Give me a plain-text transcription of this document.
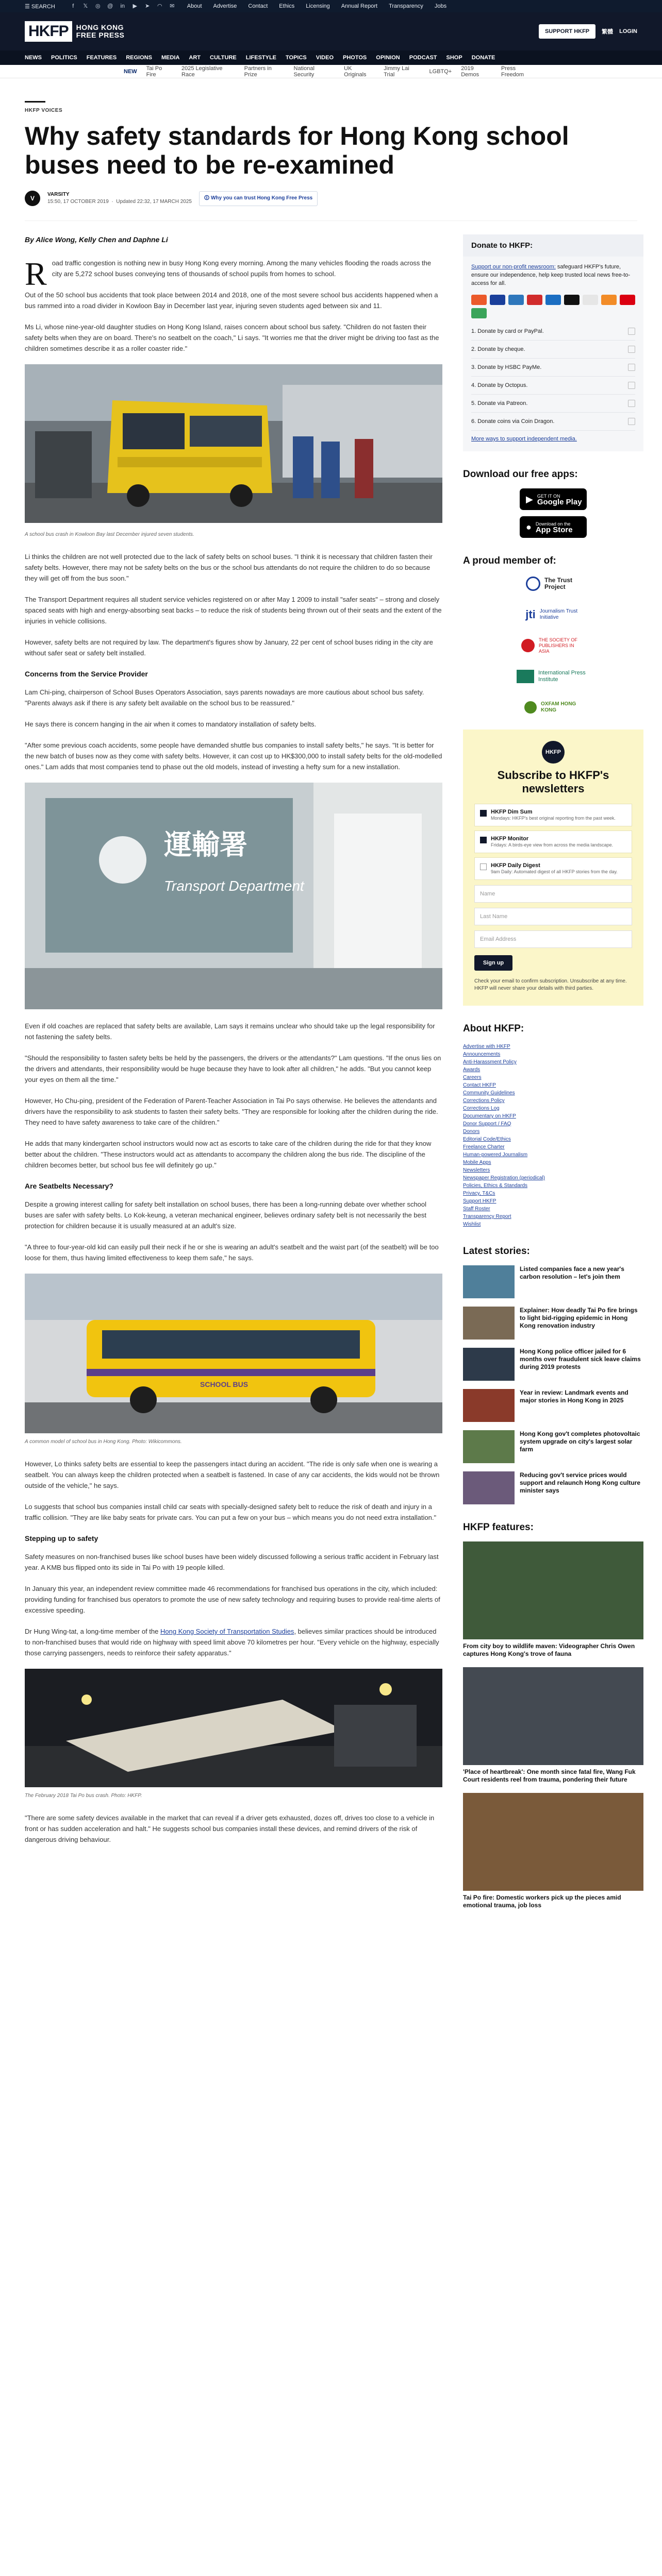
☰ SEARCH	f	𝕏 ◎ @ in ▶ ➤ ◠ ✉ About Advertise Contact Ethics Licensing Annual Report Transparency Jobs
HKFP	HONG KONG
FREE PRESS	SUPPORT HKFP	繁體 LOGIN
NEWS POLITICS FEATURES REGIONS MEDIA ART CULTURE LIFESTYLE TOPICS VIDEO PHOTOS OPINION PODCAST SHOP DONATE
NEW Tai Po Fire
2025 Legislative Race
Partners in Prize
National Security
UK Originals
Jimmy Lai Trial	LGBTQ+ 2019 Demos
Press Freedom
HKFP VOICES
Why safety standards for Hong Kong school buses need to be re-examined
V
VARSITY
15:50, 17 OCTOBER 2019  ·  Updated 22:32, 17 MARCH 2025
🛈 Why you can trust Hong Kong Free Press
By Alice Wong, Kelly Chen and Daphne Li

Road traffic congestion is nothing new in busy Hong Kong every morning. Among the many vehicles flooding the roads across the city are 5,272 school buses conveying tens of thousands of school pupils from homes to school.

Out of the 50 school bus accidents that took place between 2014 and 2018, one of the most severe school bus accidents happened when a bus rammed into a road divider in Kowloon Bay in December last year, injuring seven students aged between six and 11.

Ms Li, whose nine-year-old daughter studies on Hong Kong Island, raises concern about school bus safety. "Children do not fasten their safety belts when they are on board. There's no seatbelt on the coach," Li says. "It worries me that the driver might be driving too fast as the children sometimes describe it as a roller coaster ride."

A school bus crash in Kowloon Bay last December injured seven students.

Li thinks the children are not well protected due to the lack of safety belts on school buses. "I think it is necessary that children fasten their safety belts. However, there may not be safety belts on the bus or the school bus attendants do not require the children to do so because they will get off from the bus soon."

The Transport Department requires all student service vehicles registered on or after May 1 2009 to install "safer seats" – strong and closely spaced seats with high and energy-absorbing seat backs – to reduce the risk of students being thrown out of their seats and the extent of the injuries in vehicle collisions.

However, safety belts are not required by law. The department's figures show by January, 22 per cent of school buses riding in the city are without safer seat or safety belt installed.

Concerns from the Service Provider

Lam Chi-ping, chairperson of School Buses Operators Association, says parents nowadays are more cautious about school bus safety. "Parents always ask if there is any safety belt available on the school bus to be reassured."

He says there is concern hanging in the air when it comes to mandatory installation of safety belts.

"After some previous coach accidents, some people have demanded shuttle bus companies to install safety belts," he says. "It is better for the new batch of buses now as they come with safety belts. However, it can cost up to HK$300,000 to install safety belts for the old-modelled ones." Lam adds that most companies tend to phase out the old models, instead of investing a hefty sum for a new installation.

運輸署
Transport Department

Even if old coaches are replaced that safety belts are available, Lam says it remains unclear who should take up the legal responsibility for not fastening the safety belts.

"Should the responsibility to fasten safety belts be held by the passengers, the drivers or the attendants?" Lam questions. "If the onus lies on the drivers and attendants, their responsibility would be huge because they have to look after all children," he adds. "But you cannot keep your eyes on them all the time."

However, Ho Chu-ping, president of the Federation of Parent-Teacher Association in Tai Po says otherwise. He believes the attendants and drivers have the responsibility to ask students to fasten their safety belts. "They are responsible for looking after the children during the ride. They need to have safety awareness to take care of the children."

He adds that many kindergarten school instructors would now act as escorts to take care of the children during the ride for that they know better about the children. "These instructors would act as attendants to accompany the children along the bus ride. The discipline of the children becomes better, but school bus fee will definitely go up."

Are Seatbelts Necessary?

Despite a growing interest calling for safety belt installation on school buses, there has been a long-running debate over whether school buses are safer with safety belts. Lo Kok-keung, a veteran mechanical engineer, believes ordinary safety belt is not necessarily the best protection for children because it is usually measured at an adult's size.

"A three to four-year-old kid can easily pull their neck if he or she is wearing an adult's seatbelt and the waist part (of the seatbelt) will be too loose for them, thus having limited effectiveness to keep them safe," he says.

SCHOOL BUS
A common model of school bus in Hong Kong. Photo: Wikicommons.

However, Lo thinks safety belts are essential to keep the passengers intact during an accident. "The ride is only safe when one is wearing a seatbelt. You can always keep the children protected when a seatbelt is fastened. In case of any car accidents, the kids would not be thrown outside of the vehicle," he says.

Lo suggests that school bus companies install child car seats with specially-designed safety belt to reduce the risk of death and injury in a traffic collision. "They are like baby seats for private cars. You can put a few on your bus – which means you do not need extra installation."

Stepping up to safety

Safety measures on non-franchised buses like school buses have been widely discussed following a serious traffic accident in February last year. A KMB bus flipped onto its side in Tai Po with 19 people killed.

In January this year, an independent review committee made 46 recommendations for franchised bus operations in the city, which included: providing funding for franchised bus operators to promote the use of new safety technology and requiring buses to provide real-time alerts of excessive speeding.

Dr Hung Wing-tat, a long-time member of the Hong Kong Society of Transportation Studies, believes similar practices should be introduced to non-franchised buses that would ride on highway with speed limit above 70 kilometres per hour. "Every vehicle on the highway, especially those carrying passengers, needs to reinforce their safety apparatus."

The February 2018 Tai Po bus crash. Photo: HKFP.

"There are some safety devices available in the market that can reveal if a driver gets exhausted, dozes off, drives too close to a vehicle in front or has sudden acceleration and halt." He suggests school bus companies install these devices, and remind drivers of the risk of dangerous driving behaviour.

Donate to HKFP:
Support our non-profit newsroom: safeguard HKFP's future, ensure our independence, help keep trusted local news free-to-access for all.
1. Donate by card or PayPal.
2. Donate by cheque.
3. Donate by HSBC PayMe.
4. Donate by Octopus.
5. Donate via Patreon.
6. Donate coins via Coin Dragon.
More ways to support independent media.
Download our free apps:
▶ GET IT ON
Google Play
● Download on the
App Store
A proud member of:
The Trust Project
jti Journalism Trust Initiative
THE SOCIETY OF PUBLISHERS IN ASIA
International Press Institute
OXFAM HONG KONG
HKFP
Subscribe to HKFP's newsletters
HKFP Dim Sum
Mondays: HKFP's best original reporting from the past week.
HKFP Monitor
Fridays: A birds-eye view from across the media landscape.
HKFP Daily Digest
9am Daily: Automated digest of all HKFP stories from the day.
Name
Last Name
Email Address
Sign up
Check your email to confirm subscription. Unsubscribe at any time. HKFP will never share your details with third parties.
About HKFP:
Advertise with HKFP
Announcements
Anti-Harassment Policy
Awards
Careers
Contact HKFP
Community Guidelines
Corrections Policy
Corrections Log
Documentary on HKFP
Donor Support / FAQ
Donors
Editorial Code/Ethics
Freelance Charter
Human-powered Journalism
Mobile Apps
Newsletters
Newspaper Registration (periodical)
Policies, Ethics & Standards
Privacy, T&Cs
Support HKFP
Staff Roster
Transparency Report
Wishlist
Latest stories:
Listed companies face a new year's carbon resolution – let's join them
Explainer: How deadly Tai Po fire brings to light bid-rigging epidemic in Hong Kong renovation industry
Hong Kong police officer jailed for 6 months over fraudulent sick leave claims during 2019 protests
Year in review: Landmark events and major stories in Hong Kong in 2025
Hong Kong gov't completes photovoltaic system upgrade on city's largest solar farm
Reducing gov't service prices would support and relaunch Hong Kong culture minister says
HKFP features:
From city boy to wildlife maven: Videographer Chris Owen captures Hong Kong's trove of fauna
'Place of heartbreak': One month since fatal fire, Wang Fuk Court residents reel from trauma, pondering their future
Tai Po fire: Domestic workers pick up the pieces amid emotional trauma, job loss
